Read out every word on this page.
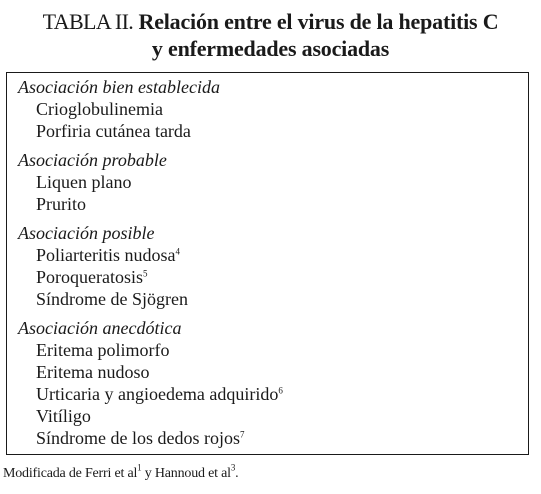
TABLA II. Relación entre el virus de la hepatitis C
y enfermedades asociadas
Asociación bien establecida
Crioglobulinemia
Porfiria cutánea tarda
Asociación probable
Liquen plano
Prurito
Asociación posible
Poliarteritis nudosa$^4$
Poroqueratosis$^5$
Síndrome de Sjögren
Asociación anecdótica
Eritema polimorfo
Eritema nudoso
Urticaria y angioedema adquirido$^6$
Vitíligo
Síndrome de los dedos rojos$^7$
Modificada de Ferri et $al^1$ y Hannoud et $al^3$.
